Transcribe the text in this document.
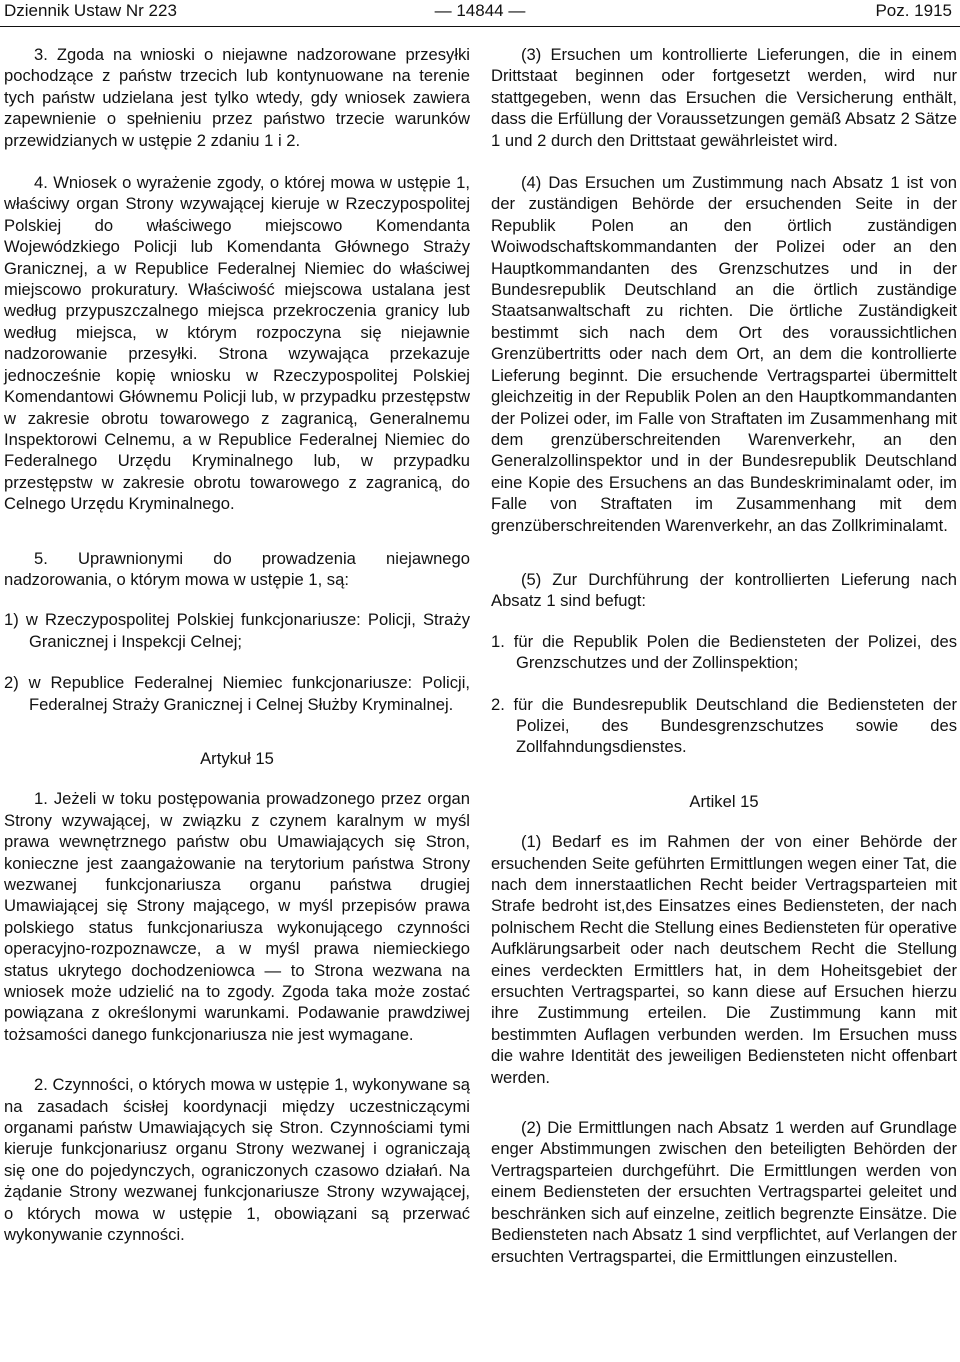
Dziennik Ustaw Nr 223	— 14844 —	Poz. 1915

3. Zgoda na wnioski o niejawne nadzorowane przesyłki pochodzące z państw trzecich lub kontynuowane na terenie tych państw udzielana jest tylko wtedy, gdy wniosek zawiera zapewnienie o spełnieniu przez państwo trzecie warunków przewidzianych w ustępie 2 zdaniu 1 i 2.

4. Wniosek o wyrażenie zgody, o której mowa w ustępie 1, właściwy organ Strony wzywającej kieruje w Rzeczypospolitej Polskiej do właściwego miejscowo Komendanta Wojewódzkiego Policji lub Komendanta Głównego Straży Granicznej, a w Republice Federalnej Niemiec do właściwej miejscowo prokuratury. Właściwość miejscowa ustalana jest według przypuszczalnego miejsca przekroczenia granicy lub według miejsca, w którym rozpoczyna się niejawnie nadzorowanie przesyłki. Strona wzywająca przekazuje jednocześnie kopię wniosku w Rzeczypospolitej Polskiej Komendantowi Głównemu Policji lub, w przypadku przestępstw w zakresie obrotu towarowego z zagranicą, Generalnemu Inspektorowi Celnemu, a w Republice Federalnej Niemiec do Federalnego Urzędu Kryminalnego lub, w przypadku przestępstw w zakresie obrotu towarowego z zagranicą, do Celnego Urzędu Kryminalnego.

5. Uprawnionymi do prowadzenia niejawnego nadzorowania, o którym mowa w ustępie 1, są:

1) w Rzeczypospolitej Polskiej funkcjonariusze: Policji, Straży Granicznej i Inspekcji Celnej;

2) w Republice Federalnej Niemiec funkcjonariusze: Policji, Federalnej Straży Granicznej i Celnej Służby Kryminalnej.

Artykuł 15

1. Jeżeli w toku postępowania prowadzonego przez organ Strony wzywającej, w związku z czynem karalnym w myśl prawa wewnętrznego państw obu Umawiających się Stron, konieczne jest zaangażowanie na terytorium państwa Strony wezwanej funkcjonariusza organu państwa drugiej Umawiającej się Strony mającego, w myśl przepisów prawa polskiego status funkcjonariusza wykonującego czynności operacyjno-rozpoznawcze, a w myśl prawa niemieckiego status ukrytego dochodzeniowca — to Strona wezwana na wniosek może udzielić na to zgody. Zgoda taka może zostać powiązana z określonymi warunkami. Podawanie prawdziwej tożsamości danego funkcjonariusza nie jest wymagane.

2. Czynności, o których mowa w ustępie 1, wykonywane są na zasadach ścisłej koordynacji między uczestniczącymi organami państw Umawiających się Stron. Czynnościami tymi kieruje funkcjonariusz organu Strony wezwanej i ograniczają się one do pojedynczych, ograniczonych czasowo działań. Na żądanie Strony wezwanej funkcjonariusze Strony wzywającej, o których mowa w ustępie 1, obowiązani są przerwać wykonywanie czynności.

(3) Ersuchen um kontrollierte Lieferungen, die in einem Drittstaat beginnen oder fortgesetzt werden, wird nur stattgegeben, wenn das Ersuchen die Versicherung enthält, dass die Erfüllung der Voraussetzungen gemäß Absatz 2 Sätze 1 und 2 durch den Drittstaat gewährleistet wird.

(4) Das Ersuchen um Zustimmung nach Absatz 1 ist von der zuständigen Behörde der ersuchenden Seite in der Republik Polen an den örtlich zuständigen Woiwodschaftskommandanten der Polizei oder an den Hauptkommandanten des Grenzschutzes und in der Bundesrepublik Deutschland an die örtlich zuständige Staatsanwaltschaft zu richten. Die örtliche Zuständigkeit bestimmt sich nach dem Ort des voraussichtlichen Grenzübertritts oder nach dem Ort, an dem die kontrollierte Lieferung beginnt. Die ersuchende Vertragspartei übermittelt gleichzeitig in der Republik Polen an den Hauptkommandanten der Polizei oder, im Falle von Straftaten im Zusammenhang mit dem grenzüberschreitenden Warenverkehr, an den Generalzollinspektor und in der Bundesrepublik Deutschland eine Kopie des Ersuchens an das Bundeskriminalamt oder, im Falle von Straftaten im Zusammenhang mit dem grenzüberschreitenden Warenverkehr, an das Zollkriminalamt.

(5) Zur Durchführung der kontrollierten Lieferung nach Absatz 1 sind befugt:

1. für die Republik Polen die Bediensteten der Polizei, des Grenzschutzes und der Zollinspektion;

2. für die Bundesrepublik Deutschland die Bediensteten der Polizei, des Bundesgrenzschutzes sowie des Zollfahndungsdienstes.

Artikel 15

(1) Bedarf es im Rahmen der von einer Behörde der ersuchenden Seite geführten Ermittlungen wegen einer Tat, die nach dem innerstaatlichen Recht beider Vertragsparteien mit Strafe bedroht ist,des Einsatzes eines Bediensteten, der nach polnischem Recht die Stellung eines Bediensteten für operative Aufklärungsarbeit oder nach deutschem Recht die Stellung eines verdeckten Ermittlers hat, in dem Hoheitsgebiet der ersuchten Vertragspartei, so kann diese auf Ersuchen hierzu ihre Zustimmung erteilen. Die Zustimmung kann mit bestimmten Auflagen verbunden werden. Im Ersuchen muss die wahre Identität des jeweiligen Bediensteten nicht offenbart werden.

(2) Die Ermittlungen nach Absatz 1 werden auf Grundlage enger Abstimmungen zwischen den beteiligten Behörden der Vertragsparteien durchgeführt. Die Ermittlungen werden von einem Bediensteten der ersuchten Vertragspartei geleitet und beschränken sich auf einzelne, zeitlich begrenzte Einsätze. Die Bediensteten nach Absatz 1 sind verpflichtet, auf Verlangen der ersuchten Vertragspartei, die Ermittlungen einzustellen.
